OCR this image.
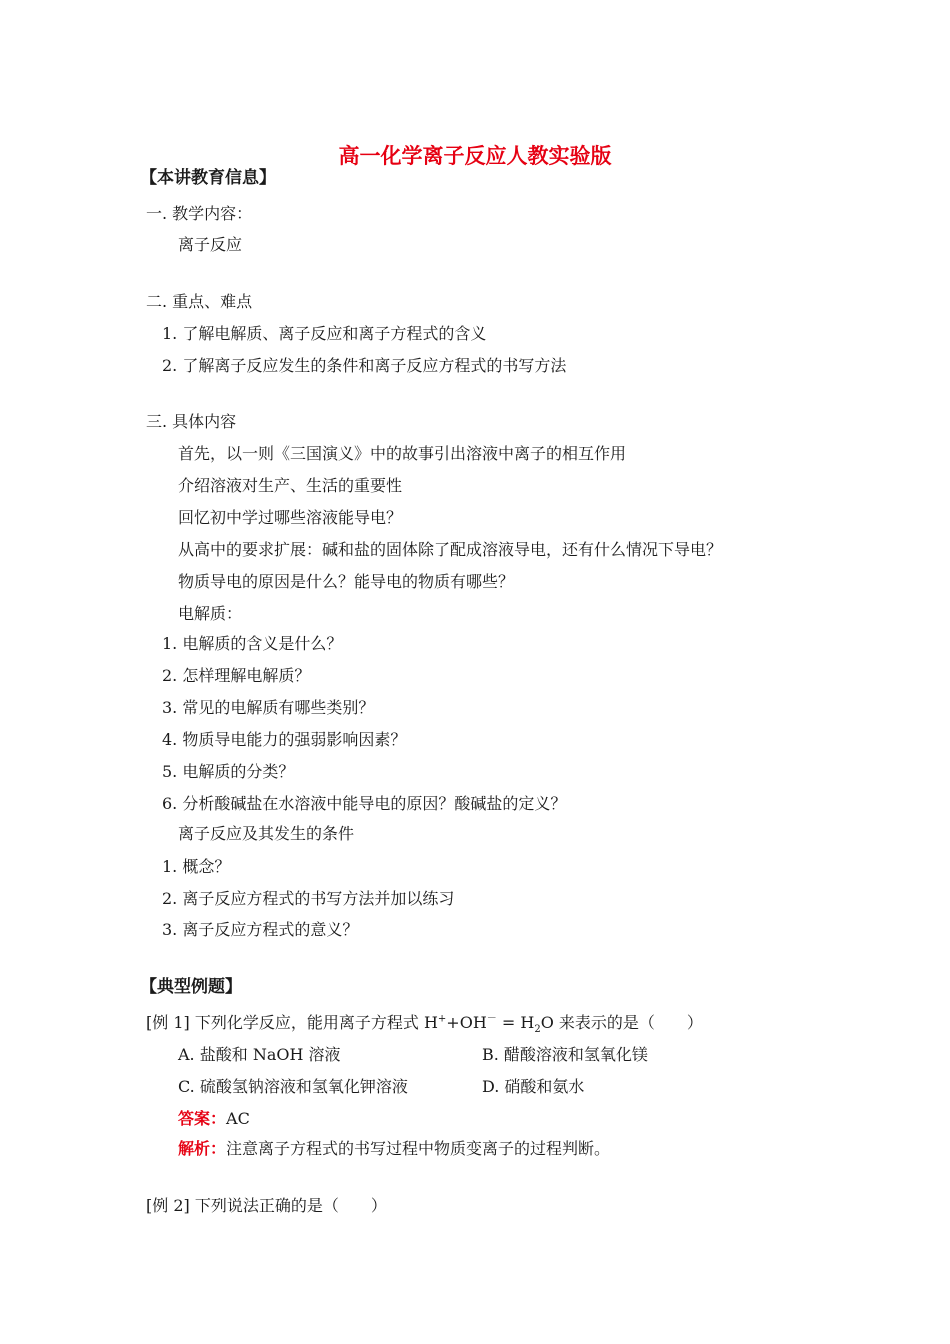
高一化学离子反应人教实验版
【本讲教育信息】
一. 教学内容：
离子反应
二. 重点、难点
1. 了解电解质、离子反应和离子方程式的含义
2. 了解离子反应发生的条件和离子反应方程式的书写方法
三. 具体内容
首先，以一则《三国演义》中的故事引出溶液中离子的相互作用
介绍溶液对生产、生活的重要性
回忆初中学过哪些溶液能导电？
从高中的要求扩展：碱和盐的固体除了配成溶液导电，还有什么情况下导电？
物质导电的原因是什么？能导电的物质有哪些？
电解质：
1. 电解质的含义是什么？
2. 怎样理解电解质？
3. 常见的电解质有哪些类别？
4. 物质导电能力的强弱影响因素？
5. 电解质的分类？
6. 分析酸碱盐在水溶液中能导电的原因？酸碱盐的定义？
离子反应及其发生的条件
1. 概念？
2. 离子反应方程式的书写方法并加以练习
3. 离子反应方程式的意义？
【典型例题】
[例 1] 下列化学反应，能用离子方程式 $H^++OH^- = H_2O$ 来表示的是（　　）
A. 盐酸和 NaOH 溶液	B. 醋酸溶液和氢氧化镁
C. 硫酸氢钠溶液和氢氧化钾溶液	D. 硝酸和氨水
答案：AC
解析：注意离子方程式的书写过程中物质变离子的过程判断。
[例 2] 下列说法正确的是（　　）
